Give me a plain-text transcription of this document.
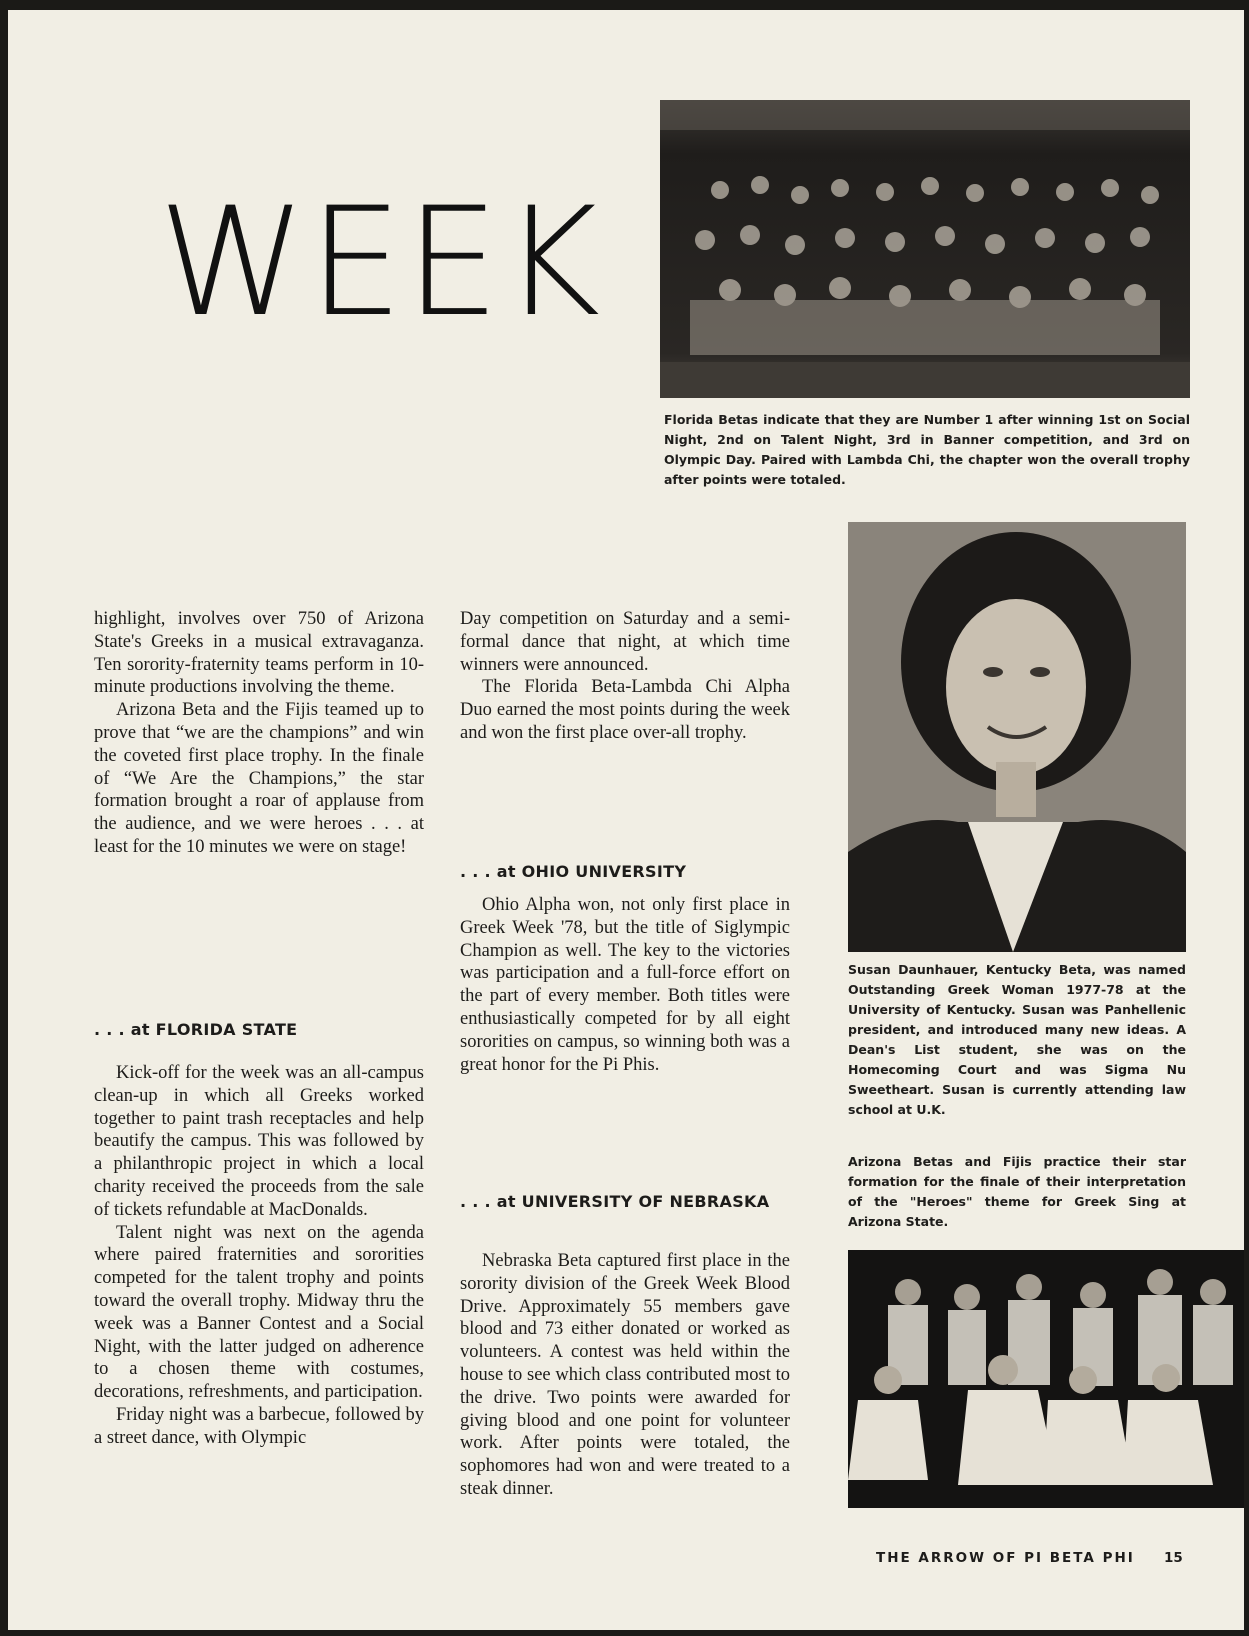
WEEK
Florida Betas indicate that they are Number 1 after winning 1st on Social Night, 2nd on Talent Night, 3rd in Banner competition, and 3rd on Olympic Day. Paired with Lambda Chi, the chapter won the overall trophy after points were totaled.
Susan Daunhauer, Kentucky Beta, was named Outstanding Greek Woman 1977-78 at the University of Kentucky. Susan was Panhellenic president, and introduced many new ideas. A Dean's List student, she was on the Homecoming Court and was Sigma Nu Sweetheart. Susan is currently attending law school at U.K.
Arizona Betas and Fijis practice their star formation for the finale of their interpretation of the "Heroes" theme for Greek Sing at Arizona State.

highlight, involves over 750 of Arizona State's Greeks in a musical extravaganza. Ten sorority-fraternity teams perform in 10-minute productions involving the theme.

Arizona Beta and the Fijis teamed up to prove that “we are the champions” and win the coveted first place trophy. In the finale of “We Are the Champions,” the star formation brought a roar of applause from the audience, and we were heroes . . . at least for the 10 minutes we were on stage!

. . . at FLORIDA STATE

Kick-off for the week was an all-campus clean-up in which all Greeks worked together to paint trash receptacles and help beautify the campus. This was followed by a philanthropic project in which a local charity received the proceeds from the sale of tickets refundable at MacDonalds.

Talent night was next on the agenda where paired fraternities and sororities competed for the talent trophy and points toward the overall trophy. Midway thru the week was a Banner Contest and a Social Night, with the latter judged on adherence to a chosen theme with costumes, decorations, refreshments, and participation.

Friday night was a barbecue, followed by a street dance, with Olympic

Day competition on Saturday and a semi-formal dance that night, at which time winners were announced.

The Florida Beta-Lambda Chi Alpha Duo earned the most points during the week and won the first place over-all trophy.

. . . at OHIO UNIVERSITY

Ohio Alpha won, not only first place in Greek Week '78, but the title of Siglympic Champion as well. The key to the victories was participation and a full-force effort on the part of every member. Both titles were enthusiastically competed for by all eight sororities on campus, so winning both was a great honor for the Pi Phis.

. . . at UNIVERSITY OF NEBRASKA

Nebraska Beta captured first place in the sorority division of the Greek Week Blood Drive. Approximately 55 members gave blood and 73 either donated or worked as volunteers. A contest was held within the house to see which class contributed most to the drive. Two points were awarded for giving blood and one point for volunteer work. After points were totaled, the sophomores had won and were treated to a steak dinner.

THE ARROW OF PI BETA PHI 15
